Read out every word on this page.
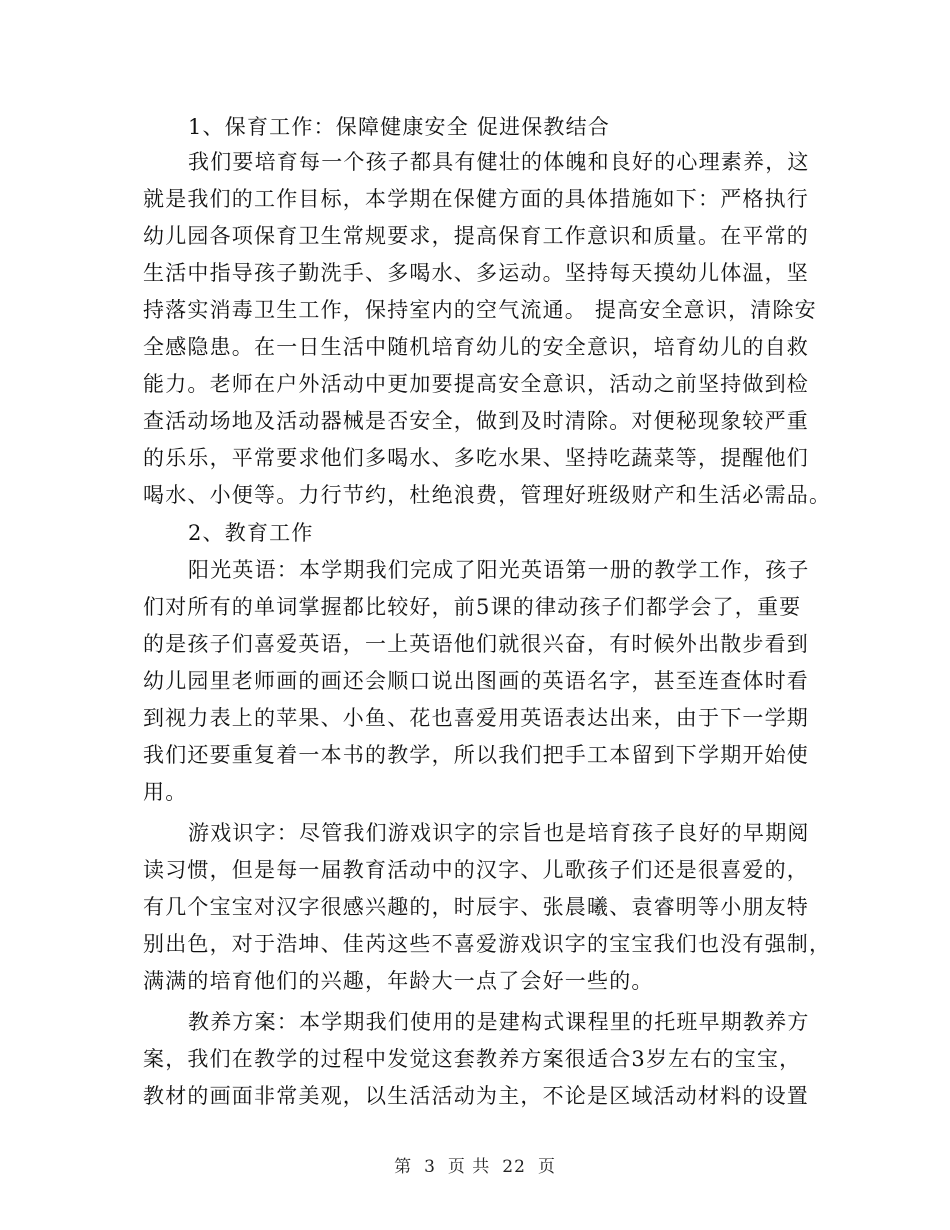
1、保育工作：保障健康安全 促进保教结合
我们要培育每一个孩子都具有健壮的体魄和良好的心理素养，这
就是我们的工作目标，本学期在保健方面的具体措施如下：严格执行
幼儿园各项保育卫生常规要求，提高保育工作意识和质量。在平常的
生活中指导孩子勤洗手、多喝水、多运动。坚持每天摸幼儿体温，坚
持落实消毒卫生工作，保持室内的空气流通。 提高安全意识，清除安
全感隐患。在一日生活中随机培育幼儿的安全意识，培育幼儿的自救
能力。老师在户外活动中更加要提高安全意识，活动之前坚持做到检
查活动场地及活动器械是否安全，做到及时清除。对便秘现象较严重
的乐乐，平常要求他们多喝水、多吃水果、坚持吃蔬菜等，提醒他们
喝水、小便等。力行节约，杜绝浪费，管理好班级财产和生活必需品。
2、教育工作
阳光英语：本学期我们完成了阳光英语第一册的教学工作，孩子
们对所有的单词掌握都比较好，前5课的律动孩子们都学会了，重要
的是孩子们喜爱英语，一上英语他们就很兴奋，有时候外出散步看到
幼儿园里老师画的画还会顺口说出图画的英语名字，甚至连查体时看
到视力表上的苹果、小鱼、花也喜爱用英语表达出来，由于下一学期
我们还要重复着一本书的教学，所以我们把手工本留到下学期开始使
用。
游戏识字：尽管我们游戏识字的宗旨也是培育孩子良好的早期阅
读习惯，但是每一届教育活动中的汉字、儿歌孩子们还是很喜爱的，
有几个宝宝对汉字很感兴趣的，时辰宇、张晨曦、袁睿明等小朋友特
别出色，对于浩坤、佳芮这些不喜爱游戏识字的宝宝我们也没有强制，
满满的培育他们的兴趣，年龄大一点了会好一些的。
教养方案：本学期我们使用的是建构式课程里的托班早期教养方
案，我们在教学的过程中发觉这套教养方案很适合3岁左右的宝宝，
教材的画面非常美观，以生活活动为主，不论是区域活动材料的设置
第 3 页 共 22 页
